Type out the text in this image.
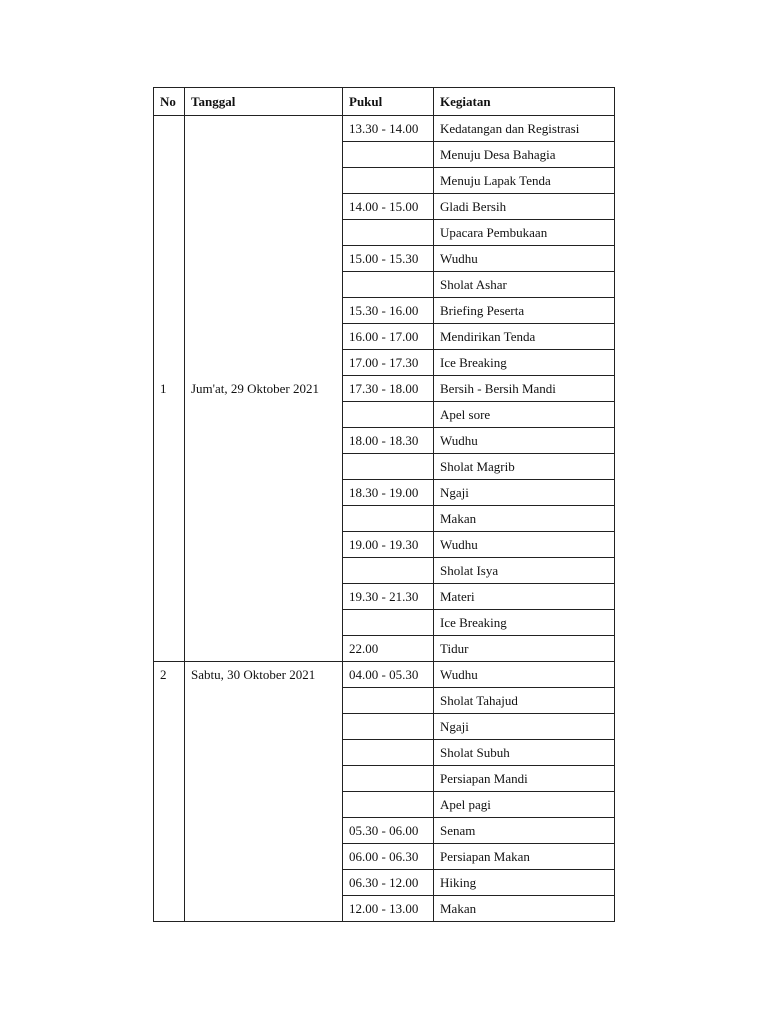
No	Tanggal	Pukul	Kegiatan
1	Jum'at, 29 Oktober 2021	13.30 - 14.00	Kedatangan dan Registrasi
			Menuju Desa Bahagia
			Menuju Lapak Tenda
		14.00 - 15.00	Gladi Bersih
			Upacara Pembukaan
		15.00 - 15.30	Wudhu
			Sholat Ashar
		15.30 - 16.00	Briefing Peserta
		16.00 - 17.00	Mendirikan Tenda
		17.00 - 17.30	Ice Breaking
		17.30 - 18.00	Bersih - Bersih Mandi
			Apel sore
		18.00 - 18.30	Wudhu
			Sholat Magrib
		18.30 - 19.00	Ngaji
			Makan
		19.00 - 19.30	Wudhu
			Sholat Isya
		19.30 - 21.30	Materi
			Ice Breaking
		22.00	Tidur
2	Sabtu, 30 Oktober 2021	04.00 - 05.30	Wudhu
			Sholat Tahajud
			Ngaji
			Sholat Subuh
			Persiapan Mandi
			Apel pagi
		05.30 - 06.00	Senam
		06.00 - 06.30	Persiapan Makan
		06.30 - 12.00	Hiking
		12.00 - 13.00	Makan
